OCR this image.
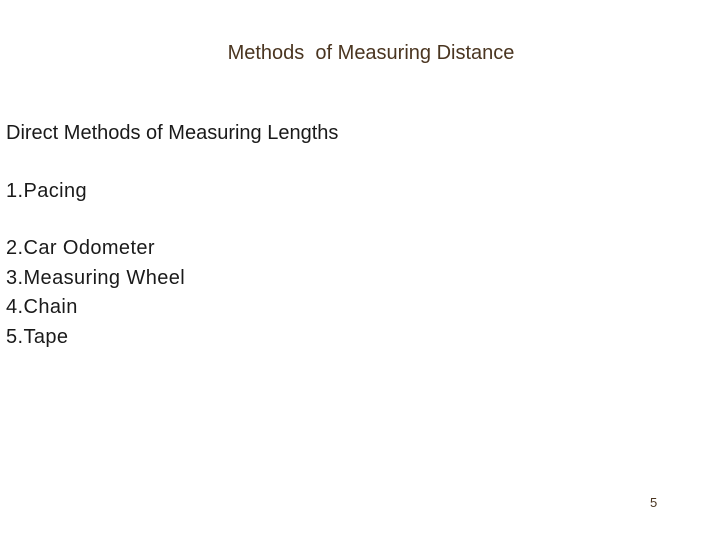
Methods  of Measuring Distance
Direct Methods of Measuring Lengths
1.Pacing
2.Car Odometer
3.Measuring Wheel
4.Chain
5.Tape
5
